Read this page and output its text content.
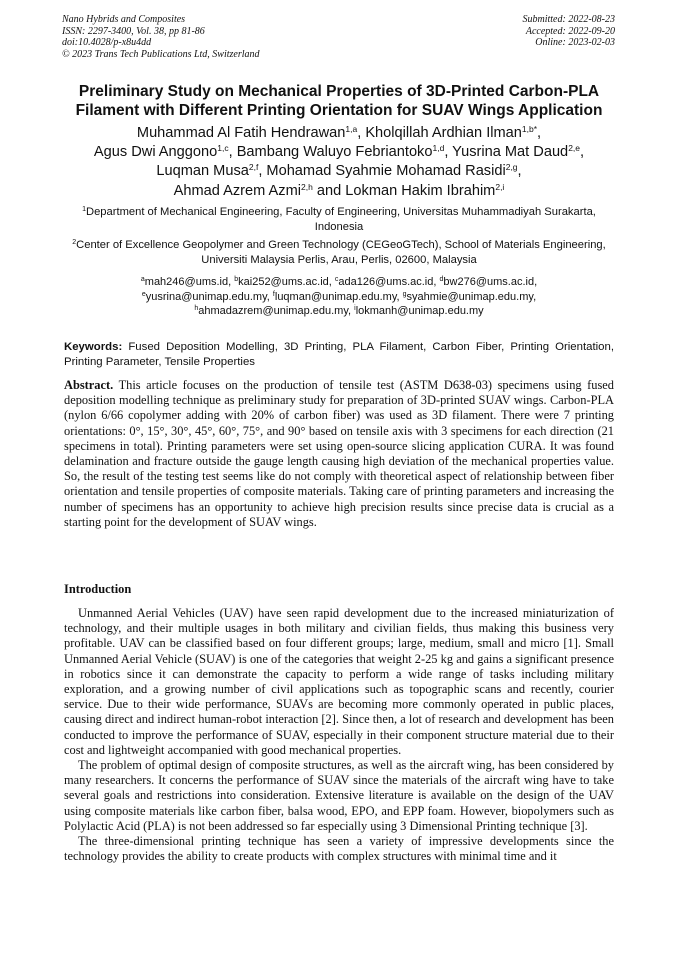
Nano Hybrids and Composites
ISSN: 2297-3400, Vol. 38, pp 81-86
doi:10.4028/p-x8u4dd
© 2023 Trans Tech Publications Ltd, Switzerland
Submitted: 2022-08-23
Accepted: 2022-09-20
Online: 2023-02-03
Preliminary Study on Mechanical Properties of 3D-Printed Carbon-PLA
Filament with Different Printing Orientation for SUAV Wings Application
Muhammad Al Fatih Hendrawan$^{1,a}$, Kholqillah Ardhian Ilman$^{1,b*}$,
Agus Dwi Anggono$^{1,c}$, Bambang Waluyo Febriantoko$^{1,d}$, Yusrina Mat Daud$^{2,e}$,
Luqman Musa$^{2,f}$, Mohamad Syahmie Mohamad Rasidi$^{2,g}$,
Ahmad Azrem Azmi$^{2,h}$ and Lokman Hakim Ibrahim$^{2,i}$
$^1$Department of Mechanical Engineering, Faculty of Engineering, Universitas Muhammadiyah Surakarta, Indonesia
$^2$Center of Excellence Geopolymer and Green Technology (CEGeoGTech), School of Materials Engineering, Universiti Malaysia Perlis, Arau, Perlis, 02600, Malaysia
$^a$mah246@ums.id, $^b$kai252@ums.ac.id, $^c$ada126@ums.ac.id, $^d$bw276@ums.ac.id,
$^e$yusrina@unimap.edu.my, $^f$luqman@unimap.edu.my, $^g$syahmie@unimap.edu.my,
$^h$ahmadazrem@unimap.edu.my, $^i$lokmanh@unimap.edu.my
Keywords: Fused Deposition Modelling, 3D Printing, PLA Filament, Carbon Fiber, Printing Orientation, Printing Parameter, Tensile Properties
Abstract. This article focuses on the production of tensile test (ASTM D638-03) specimens using fused deposition modelling technique as preliminary study for preparation of 3D-printed SUAV wings. Carbon-PLA (nylon 6/66 copolymer adding with 20% of carbon fiber) was used as 3D filament. There were 7 printing orientations: 0°, 15°, 30°, 45°, 60°, 75°, and 90° based on tensile axis with 3 specimens for each direction (21 specimens in total). Printing parameters were set using open-source slicing application CURA. It was found delamination and fracture outside the gauge length causing high deviation of the mechanical properties value. So, the result of the testing test seems like do not comply with theoretical aspect of relationship between fiber orientation and tensile properties of composite materials. Taking care of printing parameters and increasing the number of specimens has an opportunity to achieve high precision results since precise data is crucial as a starting point for the development of SUAV wings.
Introduction

Unmanned Aerial Vehicles (UAV) have seen rapid development due to the increased miniaturization of technology, and their multiple usages in both military and civilian fields, thus making this business very profitable. UAV can be classified based on four different groups; large, medium, small and micro [1]. Small Unmanned Aerial Vehicle (SUAV) is one of the categories that weight 2-25 kg and gains a significant presence in robotics since it can demonstrate the capacity to perform a wide range of tasks including military exploration, and a growing number of civil applications such as topographic scans and recently, courier service. Due to their wide performance, SUAVs are becoming more commonly operated in public places, causing direct and indirect human-robot interaction [2]. Since then, a lot of research and development has been conducted to improve the performance of SUAV, especially in their component structure material due to their cost and lightweight accompanied with good mechanical properties.

The problem of optimal design of composite structures, as well as the aircraft wing, has been considered by many researchers. It concerns the performance of SUAV since the materials of the aircraft wing have to take several goals and restrictions into consideration. Extensive literature is available on the design of the UAV using composite materials like carbon fiber, balsa wood, EPO, and EPP foam. However, biopolymers such as Polylactic Acid (PLA) is not been addressed so far especially using 3 Dimensional Printing technique [3].

The three-dimensional printing technique has seen a variety of impressive developments since the technology provides the ability to create products with complex structures with minimal time and it
